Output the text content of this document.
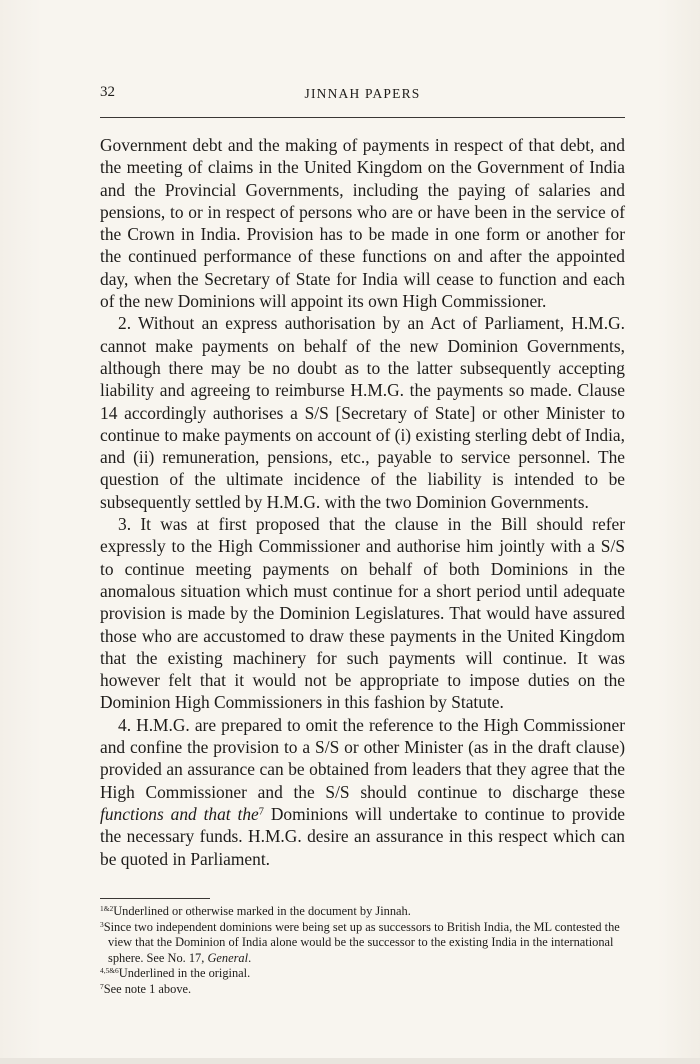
32	JINNAH PAPERS

Government debt and the making of payments in respect of that debt, and the meeting of claims in the United Kingdom on the Government of India and the Provincial Governments, including the paying of salaries and pensions, to or in respect of persons who are or have been in the service of the Crown in India. Provision has to be made in one form or another for the continued performance of these functions on and after the appointed day, when the Secretary of State for India will cease to function and each of the new Dominions will appoint its own High Commissioner.

2. Without an express authorisation by an Act of Parliament, H.M.G. cannot make payments on behalf of the new Dominion Governments, although there may be no doubt as to the latter subsequently accepting liability and agreeing to reimburse H.M.G. the payments so made. Clause 14 accordingly authorises a S/S [Secretary of State] or other Minister to continue to make payments on account of (i) existing sterling debt of India, and (ii) remuneration, pensions, etc., payable to service personnel. The question of the ultimate incidence of the liability is intended to be subsequently settled by H.M.G. with the two Dominion Governments.

3. It was at first proposed that the clause in the Bill should refer expressly to the High Commissioner and authorise him jointly with a S/S to continue meeting payments on behalf of both Dominions in the anomalous situation which must continue for a short period until adequate provision is made by the Dominion Legislatures. That would have assured those who are accustomed to draw these payments in the United Kingdom that the existing machinery for such payments will continue. It was however felt that it would not be appropriate to impose duties on the Dominion High Commissioners in this fashion by Statute.

4. H.M.G. are prepared to omit the reference to the High Commissioner and confine the provision to a S/S or other Minister (as in the draft clause) provided an assurance can be obtained from leaders that they agree that the High Commissioner and the S/S should continue to discharge these functions and that the$^7$ Dominions will undertake to continue to provide the necessary funds. H.M.G. desire an assurance in this respect which can be quoted in Parliament.

$^{1\&2}$Underlined or otherwise marked in the document by Jinnah.

$^3$Since two independent dominions were being set up as successors to British India, the ML contested the view that the Dominion of India alone would be the successor to the existing India in the international sphere. See No. 17, General.

$^{4,5\&6}$Underlined in the original.

$^7$See note 1 above.
